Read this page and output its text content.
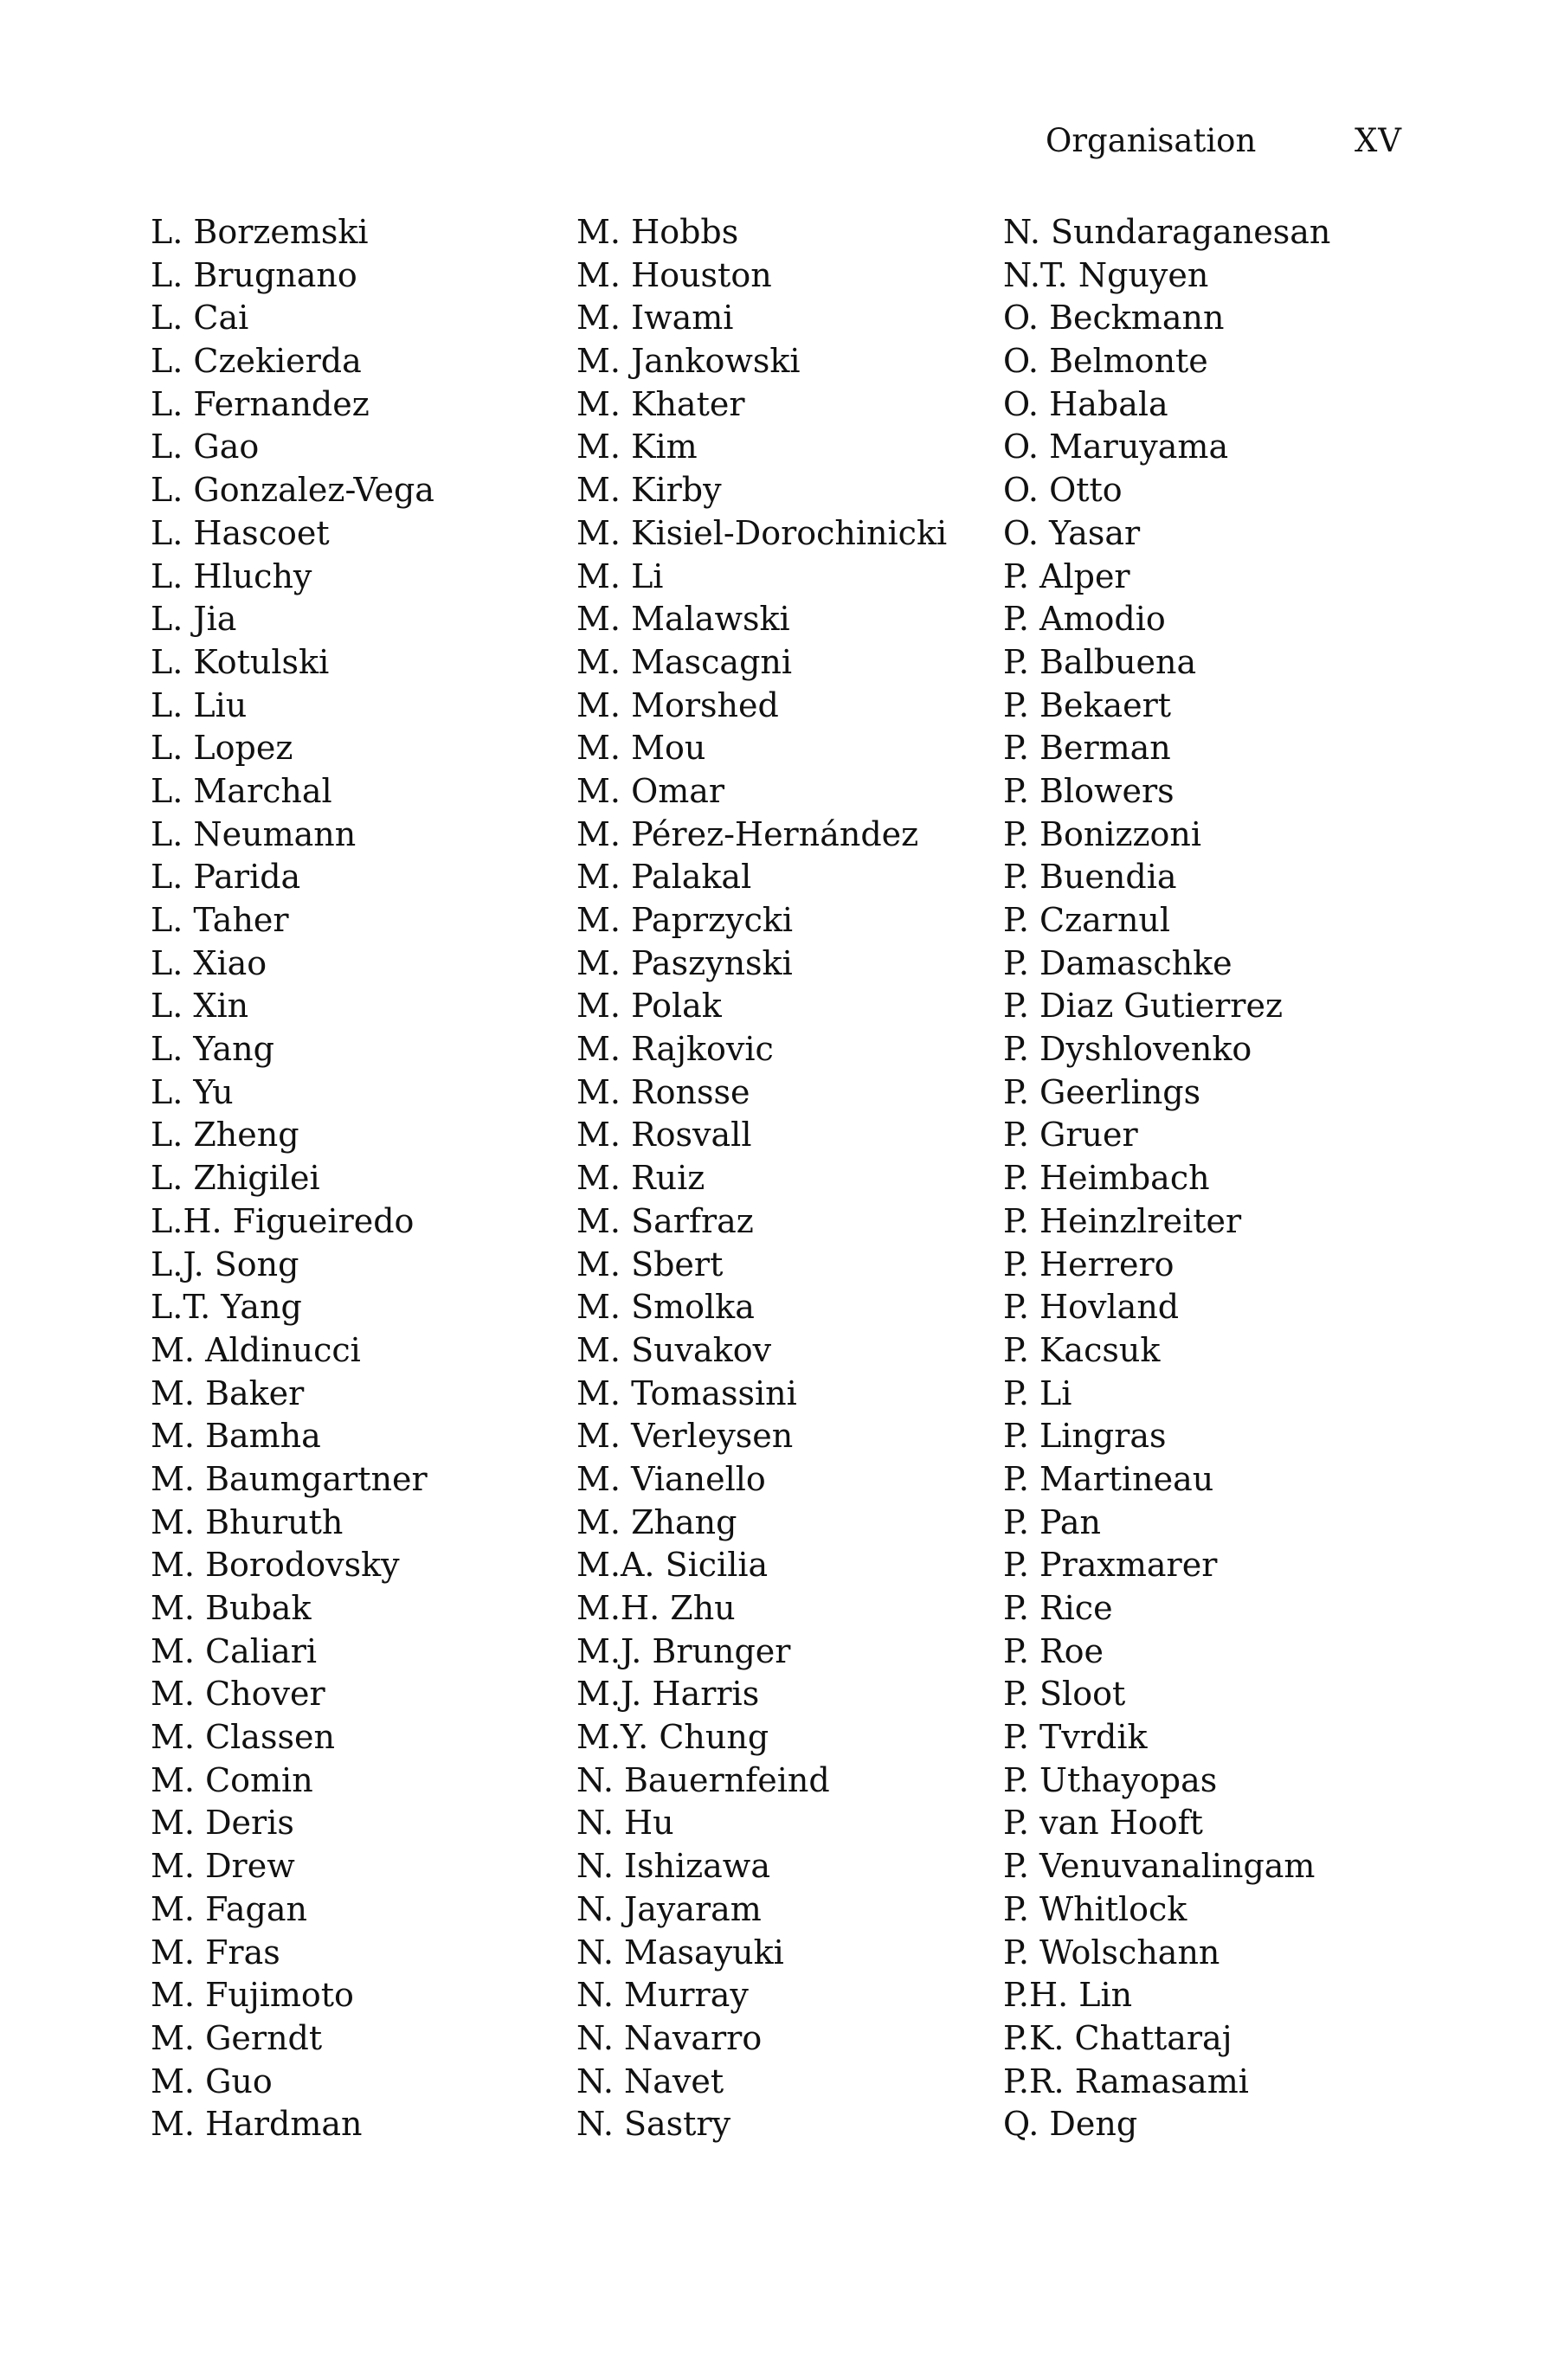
Organisation	XV
L. Borzemski
L. Brugnano
L. Cai
L. Czekierda
L. Fernandez
L. Gao
L. Gonzalez-Vega
L. Hascoet
L. Hluchy
L. Jia
L. Kotulski
L. Liu
L. Lopez
L. Marchal
L. Neumann
L. Parida
L. Taher
L. Xiao
L. Xin
L. Yang
L. Yu
L. Zheng
L. Zhigilei
L.H. Figueiredo
L.J. Song
L.T. Yang
M. Aldinucci
M. Baker
M. Bamha
M. Baumgartner
M. Bhuruth
M. Borodovsky
M. Bubak
M. Caliari
M. Chover
M. Classen
M. Comin
M. Deris
M. Drew
M. Fagan
M. Fras
M. Fujimoto
M. Gerndt
M. Guo
M. Hardman
M. Hobbs
M. Houston
M. Iwami
M. Jankowski
M. Khater
M. Kim
M. Kirby
M. Kisiel-Dorochinicki
M. Li
M. Malawski
M. Mascagni
M. Morshed
M. Mou
M. Omar
M. Pérez-Hernández
M. Palakal
M. Paprzycki
M. Paszynski
M. Polak
M. Rajkovic
M. Ronsse
M. Rosvall
M. Ruiz
M. Sarfraz
M. Sbert
M. Smolka
M. Suvakov
M. Tomassini
M. Verleysen
M. Vianello
M. Zhang
M.A. Sicilia
M.H. Zhu
M.J. Brunger
M.J. Harris
M.Y. Chung
N. Bauernfeind
N. Hu
N. Ishizawa
N. Jayaram
N. Masayuki
N. Murray
N. Navarro
N. Navet
N. Sastry
N. Sundaraganesan
N.T. Nguyen
O. Beckmann
O. Belmonte
O. Habala
O. Maruyama
O. Otto
O. Yasar
P. Alper
P. Amodio
P. Balbuena
P. Bekaert
P. Berman
P. Blowers
P. Bonizzoni
P. Buendia
P. Czarnul
P. Damaschke
P. Diaz Gutierrez
P. Dyshlovenko
P. Geerlings
P. Gruer
P. Heimbach
P. Heinzlreiter
P. Herrero
P. Hovland
P. Kacsuk
P. Li
P. Lingras
P. Martineau
P. Pan
P. Praxmarer
P. Rice
P. Roe
P. Sloot
P. Tvrdik
P. Uthayopas
P. van Hooft
P. Venuvanalingam
P. Whitlock
P. Wolschann
P.H. Lin
P.K. Chattaraj
P.R. Ramasami
Q. Deng
